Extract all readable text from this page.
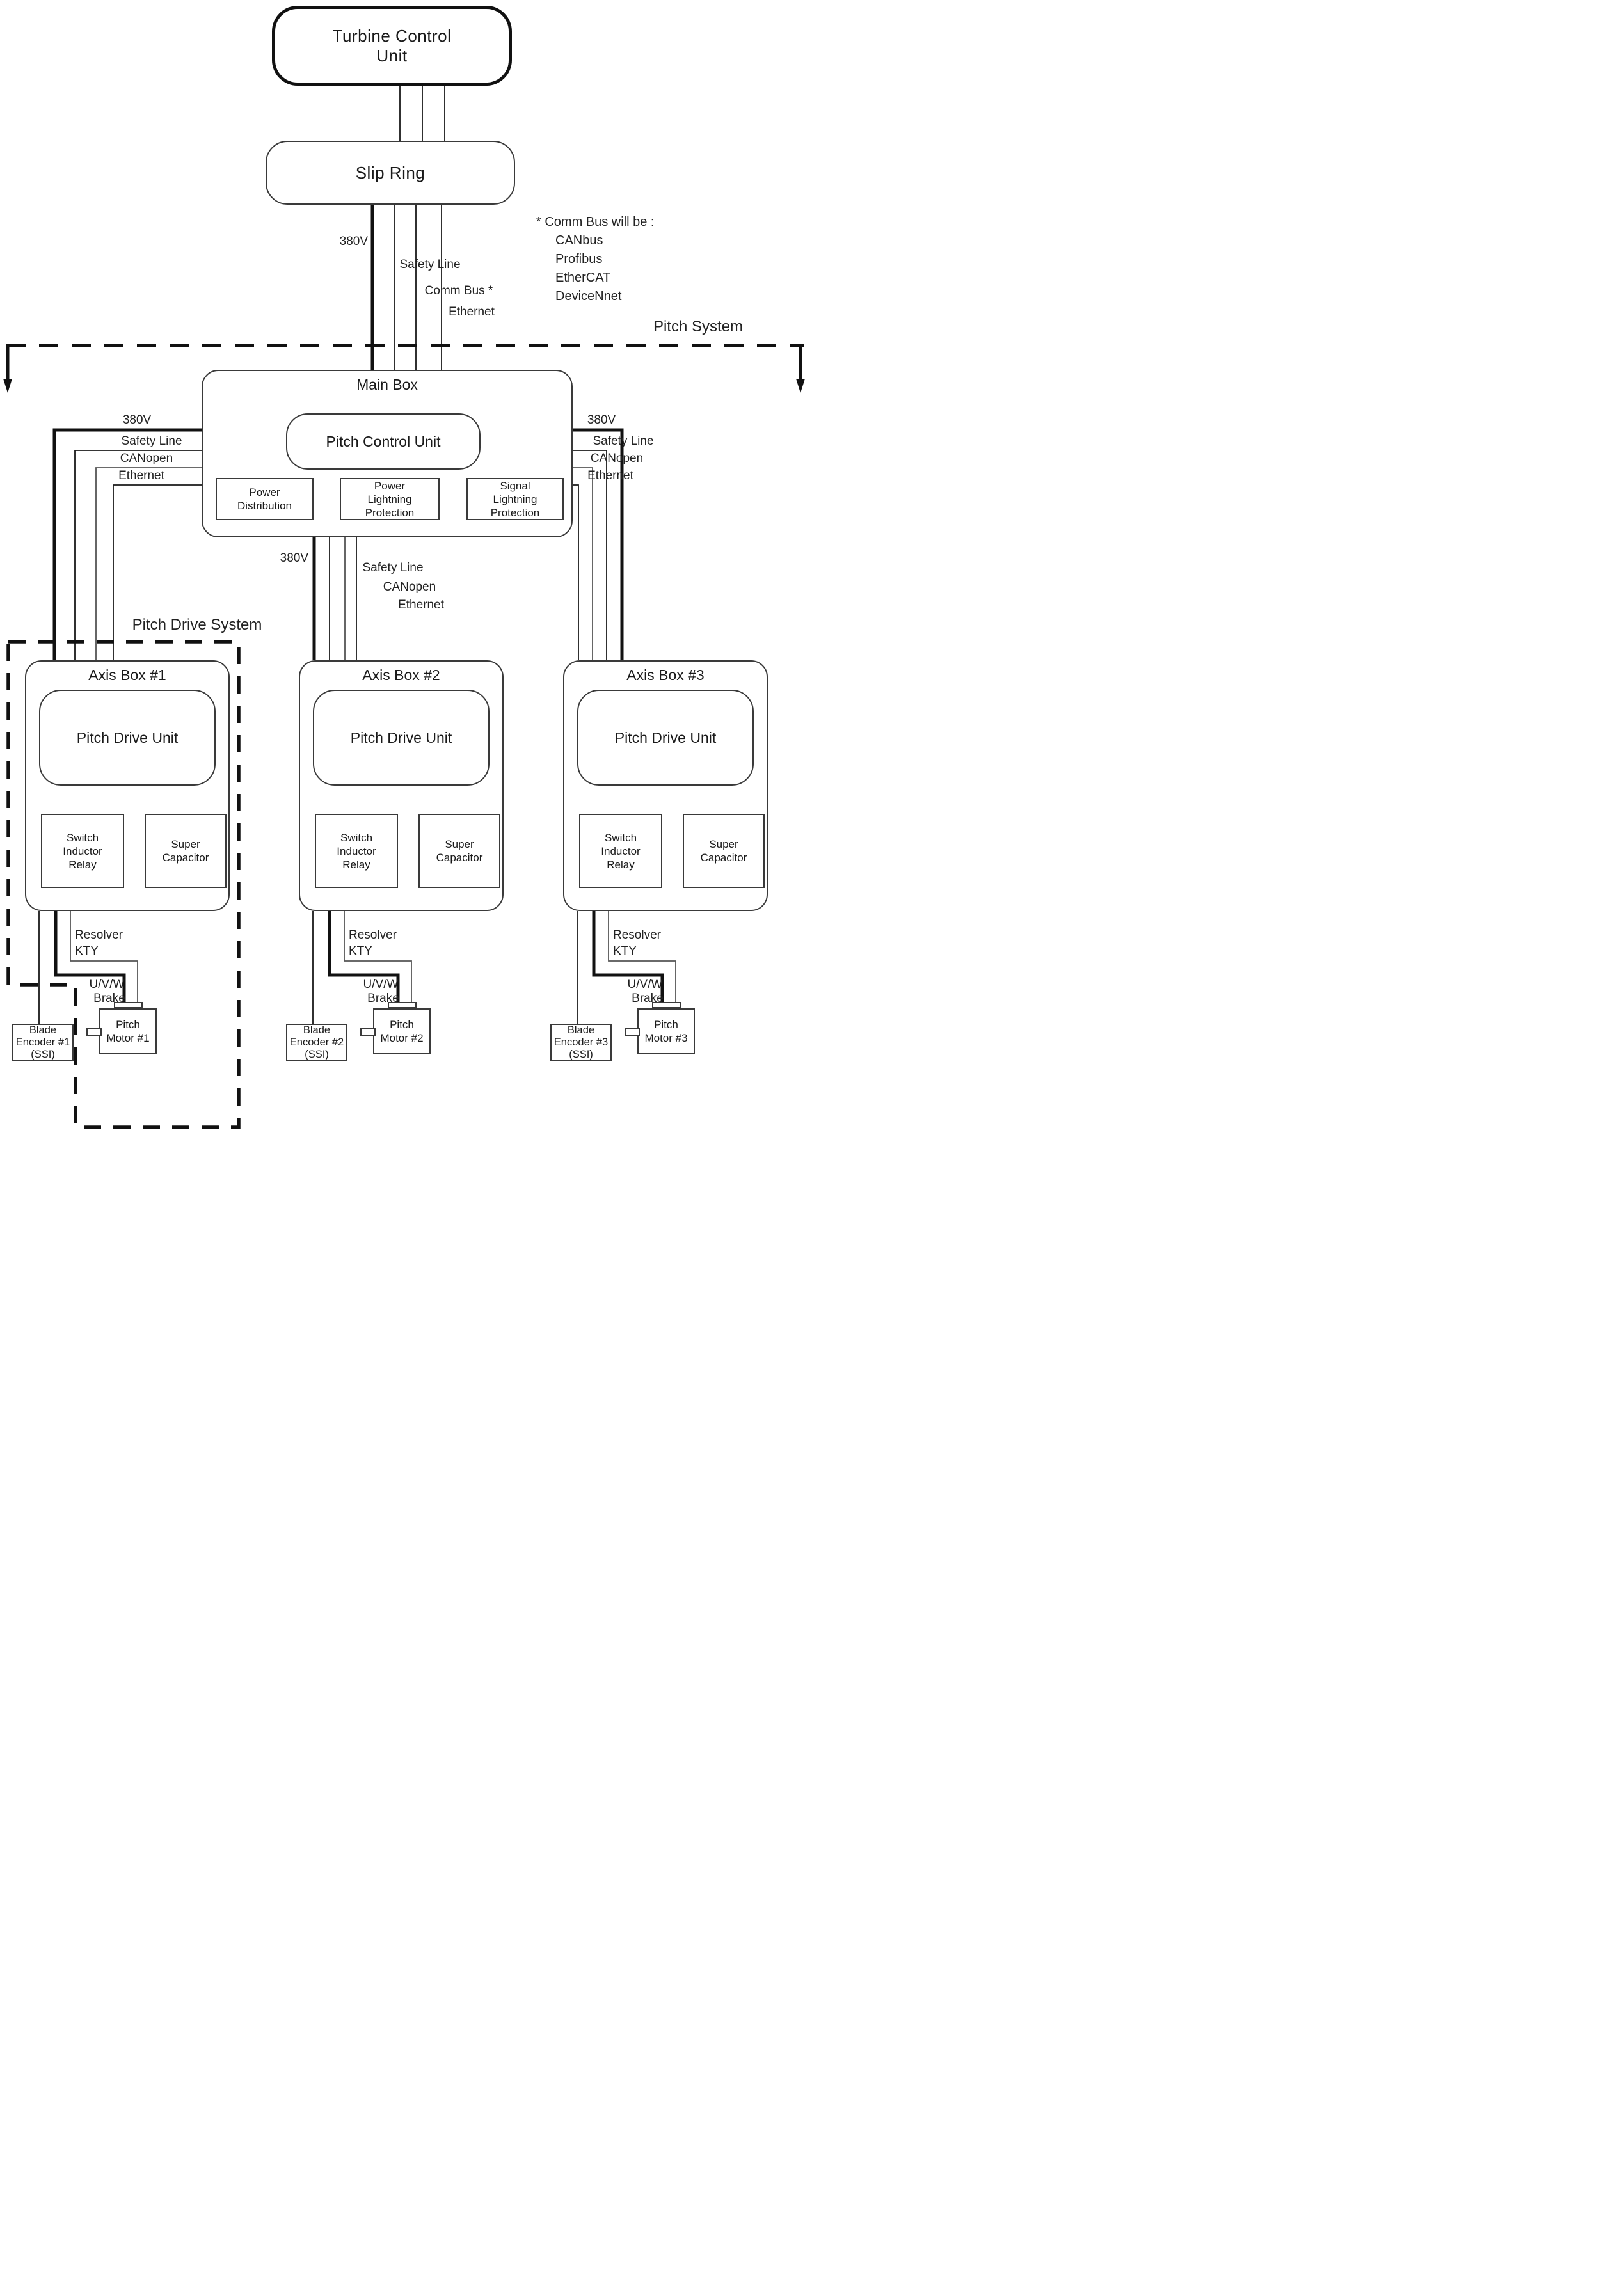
Turbine Control
Unit
Slip Ring
380V
Safety Line
Comm Bus *
Ethernet
* Comm Bus will be :
CANbus
Profibus
EtherCAT
DeviceNnet
Pitch System
Main Box
Pitch Control Unit
Power
Distribution
Power
Lightning
Protection
Signal
Lightning
Protection
380V
Safety Line
CANopen
Ethernet
380V
Safety Line
CANopen
Ethernet
380V
Safety Line
CANopen
Ethernet
Pitch Drive System
Axis Box #1
Pitch Drive Unit
Switch
Inductor
Relay
Super
Capacitor
Resolver
KTY
U/V/W
Brake
Pitch
Motor #1
Blade
Encoder #1
(SSI)
Axis Box #2
Pitch Drive Unit
Switch
Inductor
Relay
Super
Capacitor
Resolver
KTY
U/V/W
Brake
Pitch
Motor #2
Blade
Encoder #2
(SSI)
Axis Box #3
Pitch Drive Unit
Switch
Inductor
Relay
Super
Capacitor
Resolver
KTY
U/V/W
Brake
Pitch
Motor #3
Blade
Encoder #3
(SSI)
